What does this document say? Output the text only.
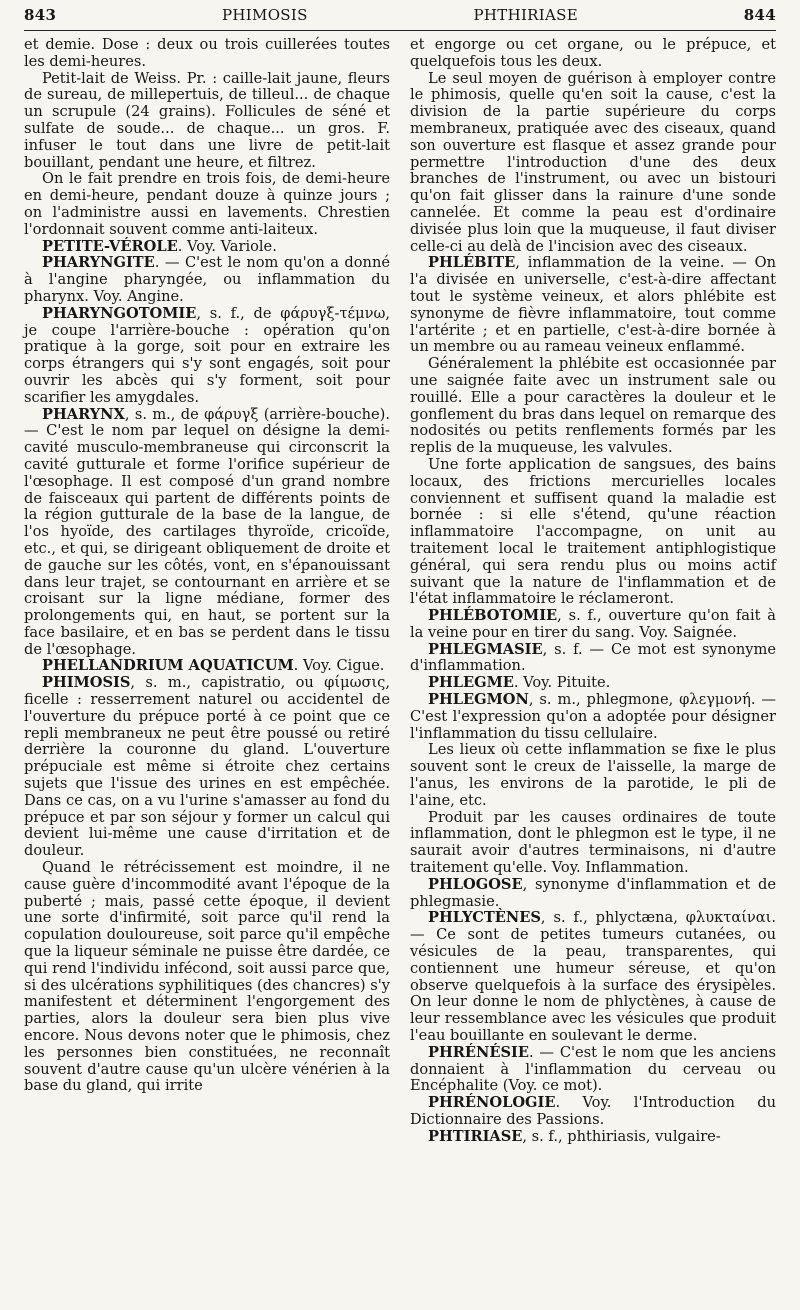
843	PHIMOSIS	PHTHIRIASE	844

et demie. Dose : deux ou trois cuillerées toutes les demi-heures.

Petit-lait de Weiss. Pr. : caille-lait jaune, fleurs de sureau, de millepertuis, de tilleul... de chaque un scrupule (24 grains). Follicules de séné et sulfate de soude... de chaque... un gros. F. infuser le tout dans une livre de petit-lait bouillant, pendant une heure, et filtrez.

On le fait prendre en trois fois, de demi-heure en demi-heure, pendant douze à quinze jours ; on l'administre aussi en lavements. Chrestien l'ordonnait souvent comme anti-laiteux.

PETITE-VÉROLE. Voy. Variole.

PHARYNGITE. — C'est le nom qu'on a donné à l'angine pharyngée, ou inflammation du pharynx. Voy. Angine.

PHARYNGOTOMIE, s. f., de φάρυγξ-τέμνω, je coupe l'arrière-bouche : opération qu'on pratique à la gorge, soit pour en extraire les corps étrangers qui s'y sont engagés, soit pour ouvrir les abcès qui s'y forment, soit pour scarifier les amygdales.

PHARYNX, s. m., de φάρυγξ (arrière-bouche). — C'est le nom par lequel on désigne la demi-cavité musculo-membraneuse qui circonscrit la cavité gutturale et forme l'orifice supérieur de l'œsophage. Il est composé d'un grand nombre de faisceaux qui partent de différents points de la région gutturale de la base de la langue, de l'os hyoïde, des cartilages thyroïde, cricoïde, etc., et qui, se dirigeant obliquement de droite et de gauche sur les côtés, vont, en s'épanouissant dans leur trajet, se contournant en arrière et se croisant sur la ligne médiane, former des prolongements qui, en haut, se portent sur la face basilaire, et en bas se perdent dans le tissu de l'œsophage.

PHELLANDRIUM AQUATICUM. Voy. Cigue.

PHIMOSIS, s. m., capistratio, ou φίμωσις, ficelle : resserrement naturel ou accidentel de l'ouverture du prépuce porté à ce point que ce repli membraneux ne peut être poussé ou retiré derrière la couronne du gland. L'ouverture prépuciale est même si étroite chez certains sujets que l'issue des urines en est empêchée. Dans ce cas, on a vu l'urine s'amasser au fond du prépuce et par son séjour y former un calcul qui devient lui-même une cause d'irritation et de douleur.

Quand le rétrécissement est moindre, il ne cause guère d'incommodité avant l'époque de la puberté ; mais, passé cette époque, il devient une sorte d'infirmité, soit parce qu'il rend la copulation douloureuse, soit parce qu'il empêche que la liqueur séminale ne puisse être dardée, ce qui rend l'individu infécond, soit aussi parce que, si des ulcérations syphilitiques (des chancres) s'y manifestent et déterminent l'engorgement des parties, alors la douleur sera bien plus vive encore. Nous devons noter que le phimosis, chez les personnes bien constituées, ne reconnaît souvent d'autre cause qu'un ulcère vénérien à la base du gland, qui irrite

et engorge ou cet organe, ou le prépuce, et quelquefois tous les deux.

Le seul moyen de guérison à employer contre le phimosis, quelle qu'en soit la cause, c'est la division de la partie supérieure du corps membraneux, pratiquée avec des ciseaux, quand son ouverture est flasque et assez grande pour permettre l'introduction d'une des deux branches de l'instrument, ou avec un bistouri qu'on fait glisser dans la rainure d'une sonde cannelée. Et comme la peau est d'ordinaire divisée plus loin que la muqueuse, il faut diviser celle-ci au delà de l'incision avec des ciseaux.

PHLÉBITE, inflammation de la veine. — On l'a divisée en universelle, c'est-à-dire affectant tout le système veineux, et alors phlébite est synonyme de fièvre inflammatoire, tout comme l'artérite ; et en partielle, c'est-à-dire bornée à un membre ou au rameau veineux enflammé.

Généralement la phlébite est occasionnée par une saignée faite avec un instrument sale ou rouillé. Elle a pour caractères la douleur et le gonflement du bras dans lequel on remarque des nodosités ou petits renflements formés par les replis de la muqueuse, les valvules.

Une forte application de sangsues, des bains locaux, des frictions mercurielles locales conviennent et suffisent quand la maladie est bornée : si elle s'étend, qu'une réaction inflammatoire l'accompagne, on unit au traitement local le traitement antiphlogistique général, qui sera rendu plus ou moins actif suivant que la nature de l'inflammation et de l'état inflammatoire le réclameront.

PHLÉBOTOMIE, s. f., ouverture qu'on fait à la veine pour en tirer du sang. Voy. Saignée.

PHLEGMASIE, s. f. — Ce mot est synonyme d'inflammation.

PHLEGME. Voy. Pituite.

PHLEGMON, s. m., phlegmone, φλεγμονή. — C'est l'expression qu'on a adoptée pour désigner l'inflammation du tissu cellulaire.

Les lieux où cette inflammation se fixe le plus souvent sont le creux de l'aisselle, la marge de l'anus, les environs de la parotide, le pli de l'aine, etc.

Produit par les causes ordinaires de toute inflammation, dont le phlegmon est le type, il ne saurait avoir d'autres terminaisons, ni d'autre traitement qu'elle. Voy. Inflammation.

PHLOGOSE, synonyme d'inflammation et de phlegmasie.

PHLYCTÈNES, s. f., phlyctæna, φλυκταίναι. — Ce sont de petites tumeurs cutanées, ou vésicules de la peau, transparentes, qui contiennent une humeur séreuse, et qu'on observe quelquefois à la surface des érysipèles. On leur donne le nom de phlyctènes, à cause de leur ressemblance avec les vésicules que produit l'eau bouillante en soulevant le derme.

PHRÉNÉSIE. — C'est le nom que les anciens donnaient à l'inflammation du cerveau ou Encéphalite (Voy. ce mot).

PHRÉNOLOGIE. Voy. l'Introduction du Dictionnaire des Passions.

PHTIRIASE, s. f., phthiriasis, vulgaire-
